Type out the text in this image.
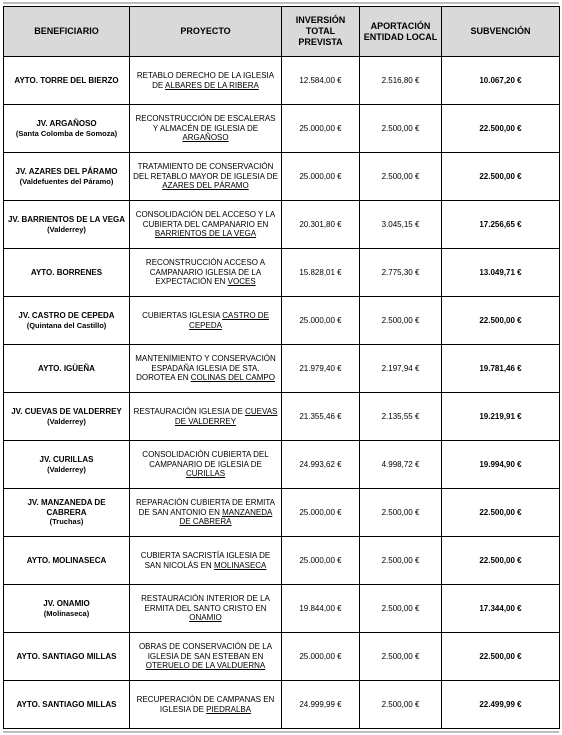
BENEFICIARIO	PROYECTO	INVERSIÓN TOTAL PREVISTA	APORTACIÓN ENTIDAD LOCAL	SUBVENCIÓN
AYTO. TORRE DEL BIERZO	RETABLO DERECHO DE LA IGLESIA DE ALBARES DE LA RIBERA	12.584,00 €	2.516,80 €	10.067,20 €
JV. ARGAÑOSO
(Santa Colomba de Somoza)	RECONSTRUCCIÓN DE ESCALERAS Y ALMACÉN DE IGLESIA DE ARGAÑOSO	25.000,00 €	2.500,00 €	22.500,00 €
JV. AZARES DEL PÁRAMO
(Valdefuentes del Páramo)	TRATAMIENTO DE CONSERVACIÓN DEL RETABLO MAYOR DE IGLESIA DE AZARES DEL PÁRAMO	25.000,00 €	2.500,00 €	22.500,00 €
JV. BARRIENTOS DE LA VEGA
(Valderrey)	CONSOLIDACIÓN DEL ACCESO Y LA CUBIERTA DEL CAMPANARIO EN BARRIENTOS DE LA VEGA	20.301,80 €	3.045,15 €	17.256,65 €
AYTO. BORRENES	RECONSTRUCCIÓN ACCESO A CAMPANARIO IGLESIA DE LA EXPECTACIÓN EN VOCES	15.828,01 €	2.775,30 €	13.049,71 €
JV. CASTRO DE CEPEDA
(Quintana del Castillo)	CUBIERTAS IGLESIA CASTRO DE CEPEDA	25.000,00 €	2.500,00 €	22.500,00 €
AYTO. IGÜEÑA	MANTENIMIENTO Y CONSERVACIÓN ESPADAÑA IGLESIA DE STA. DOROTEA EN COLINAS DEL CAMPO	21.979,40 €	2.197,94 €	19.781,46 €
JV. CUEVAS DE VALDERREY
(Valderrey)	RESTAURACIÓN IGLESIA DE CUEVAS DE VALDERREY	21.355,46 €	2.135,55 €	19.219,91 €
JV. CURILLAS
(Valderrey)	CONSOLIDACIÓN CUBIERTA DEL CAMPANARIO DE IGLESIA DE CURILLAS	24.993,62 €	4.998,72 €	19.994,90 €
JV. MANZANEDA DE CABRERA
(Truchas)	REPARACIÓN CUBIERTA DE ERMITA DE SAN ANTONIO EN MANZANEDA DE CABRERA	25.000,00 €	2.500,00 €	22.500,00 €
AYTO. MOLINASECA	CUBIERTA SACRISTÍA IGLESIA DE SAN NICOLÁS EN MOLINASECA	25.000,00 €	2.500,00 €	22.500,00 €
JV. ONAMIO
(Molinaseca)	RESTAURACIÓN INTERIOR DE LA ERMITA DEL SANTO CRISTO EN ONAMIO	19.844,00 €	2.500,00 €	17.344,00 €
AYTO. SANTIAGO MILLAS	OBRAS DE CONSERVACIÓN DE LA IGLESIA DE SAN ESTEBAN EN OTERUELO DE LA VALDUERNA	25.000,00 €	2.500,00 €	22.500,00 €
AYTO. SANTIAGO MILLAS	RECUPERACIÓN DE CAMPANAS EN IGLESIA DE PIEDRALBA	24.999,99 €	2.500,00 €	22.499,99 €
